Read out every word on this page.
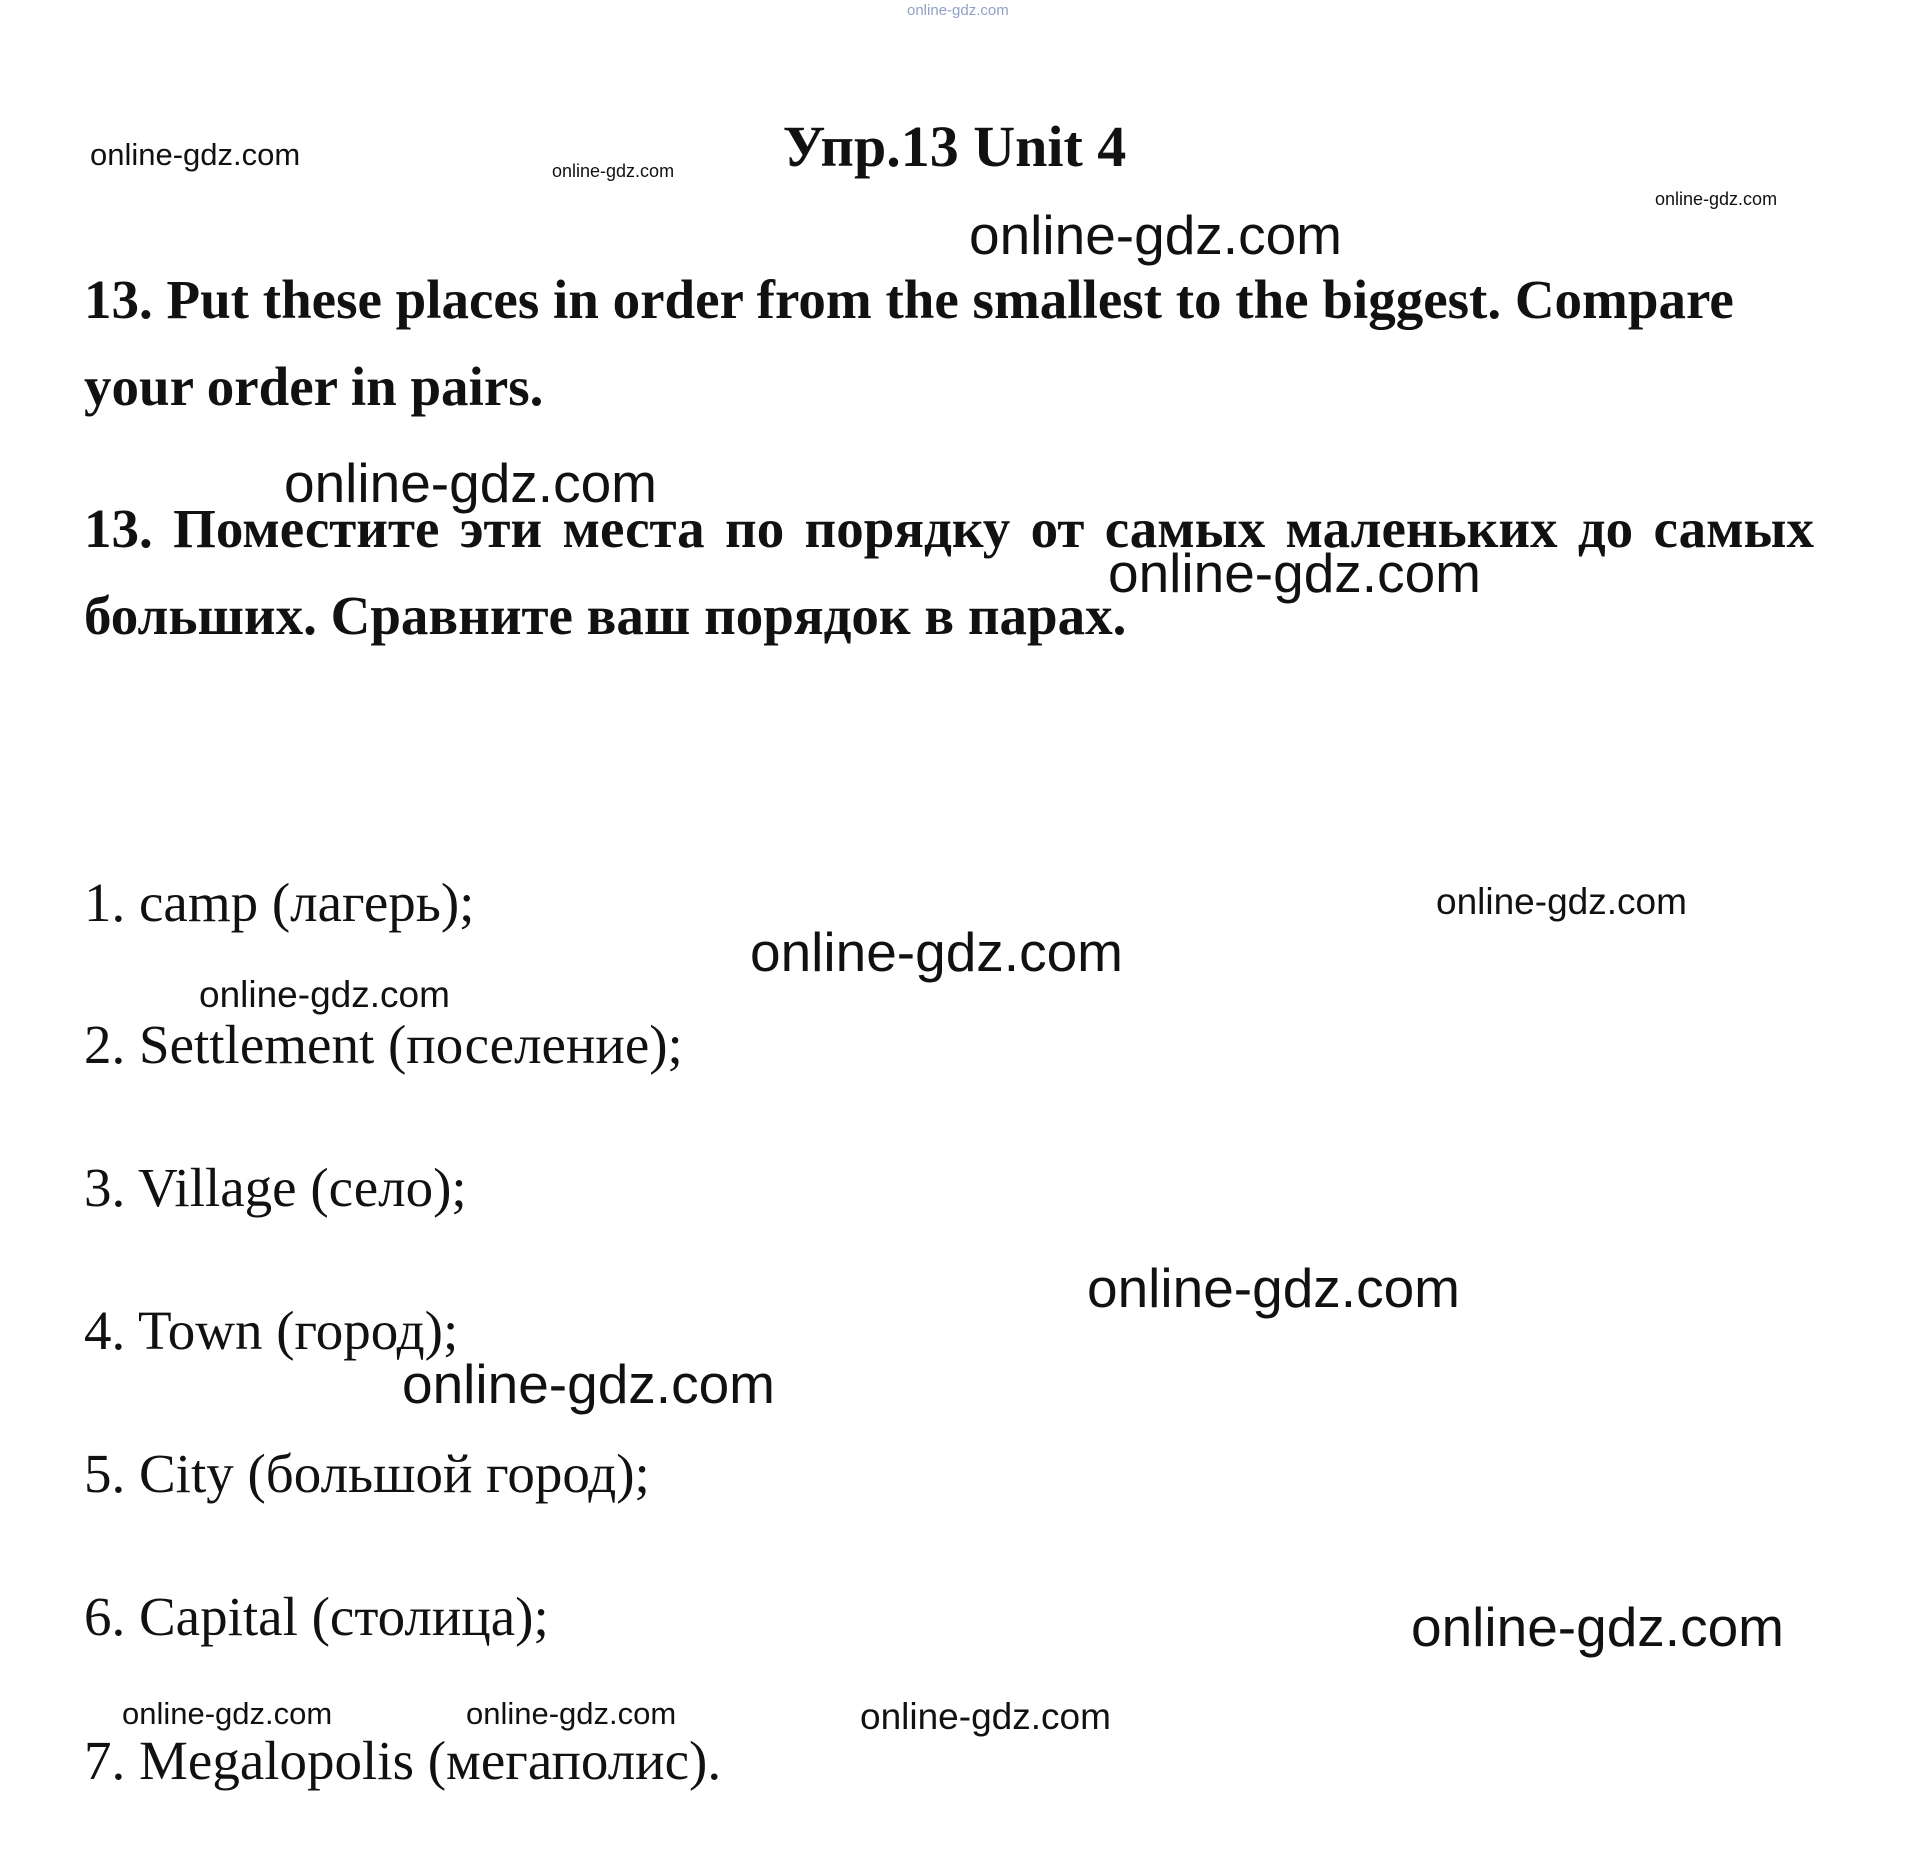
Упр.13 Unit 4

13. Put these places in order from the smallest to the biggest. Compare your order in pairs.

13. Поместите эти места по порядку от самых маленьких до самых больших. Сравните ваш порядок в парах.

1. camp (лагерь);
2. Settlement (поселение);
3. Village (село);
4. Town (город);
5. City (большой город);
6. Capital (столица);
7. Megalopolis (мегаполис).
online-gdz.com
online-gdz.com	online-gdz.com
online-gdz.com
online-gdz.com
online-gdz.com
online-gdz.com
online-gdz.com
online-gdz.com
online-gdz.com
online-gdz.com
online-gdz.com
online-gdz.com
online-gdz.com	online-gdz.com	online-gdz.com
